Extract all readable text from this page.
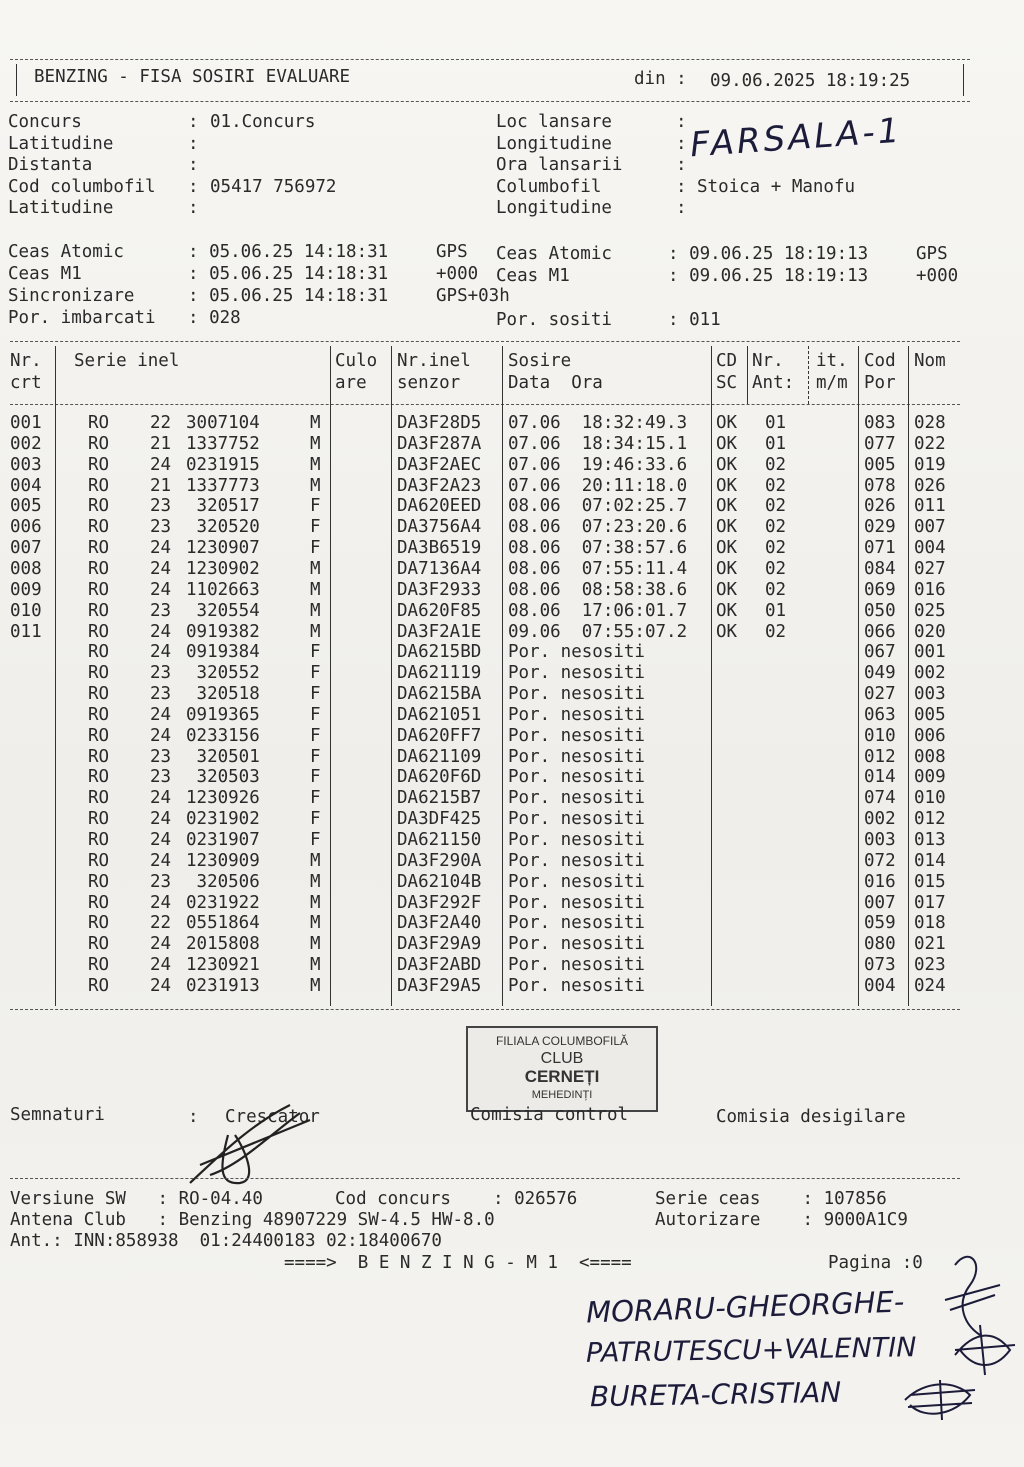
BENZING - FISA SOSIRI EVALUARE	din : 09.06.2025 18:19:25
Concurs	: 01.Concurs
Latitudine	:
Distanta	:
Cod columbofil : 05417 756972
Latitudine	:
Loc lansare	:
Longitudine	:
Ora lansarii	:
Columbofil	: Stoica + Manofu
Longitudine	:
FARSALA-1
Ceas Atomic	: 05.06.25 14:18:31	GPS
Ceas M1	: 05.06.25 14:18:31	+000
Sincronizare	: 05.06.25 14:18:31	GPS+03h
Por. imbarcati : 028
Ceas Atomic	: 09.06.25 18:19:13	GPS
Ceas M1	: 09.06.25 18:19:13	+000
Por. sositi	: 011
Nr. Serie inel	Culo Nr.inel Sosire	CD Nr. it. Cod Nom
crt	are senzor	Data  Ora	SC Ant: m/m Por
001	RO 22 3007104	M	DA3F28D5 07.06  18:32:49.3 OK 01	083 028
002	RO 21 1337752	M	DA3F287A 07.06  18:34:15.1 OK 01	077 022
003	RO 24 0231915	M	DA3F2AEC 07.06  19:46:33.6 OK 02	005 019
004	RO 21 1337773	M	DA3F2A23 07.06  20:11:18.0 OK 02	078 026
005	RO 23 320517	F	DA620EED 08.06  07:02:25.7 OK 02	026 011
006	RO 23 320520	F	DA3756A4 08.06  07:23:20.6 OK 02	029 007
007	RO 24 1230907	F	DA3B6519 08.06  07:38:57.6 OK 02	071 004
008	RO 24 1230902	M	DA7136A4 08.06  07:55:11.4 OK 02	084 027
009	RO 24 1102663	M	DA3F2933 08.06  08:58:38.6 OK 02	069 016
010	RO 23 320554	M	DA620F85 08.06  17:06:01.7 OK 01	050 025
011	RO 24 0919382	M	DA3F2A1E 09.06  07:55:07.2 OK 02	066 020
RO 24 0919384	F	DA6215BD Por. nesositi	067 001
RO 23 320552	F	DA621119 Por. nesositi	049 002
RO 23 320518	F	DA6215BA Por. nesositi	027 003
RO 24 0919365	F	DA621051 Por. nesositi	063 005
RO 24 0233156	F	DA620FF7 Por. nesositi	010 006
RO 23 320501	F	DA621109 Por. nesositi	012 008
RO 23 320503	F	DA620F6D Por. nesositi	014 009
RO 24 1230926	F	DA6215B7 Por. nesositi	074 010
RO 24 0231902	F	DA3DF425 Por. nesositi	002 012
RO 24 0231907	F	DA621150 Por. nesositi	003 013
RO 24 1230909	M	DA3F290A Por. nesositi	072 014
RO 23 320506	M	DA62104B Por. nesositi	016 015
RO 24 0231922	M	DA3F292F Por. nesositi	007 017
RO 22 0551864	M	DA3F2A40 Por. nesositi	059 018
RO 24 2015808	M	DA3F29A9 Por. nesositi	080 021
RO 24 1230921	M	DA3F2ABD Por. nesositi	073 023
RO 24 0231913	M	DA3F29A5 Por. nesositi	004 024
FILIALA COLUMBOFILĂ
CLUB
CERNEȚI
MEHEDINȚI
Semnaturi	: Crescator	Comisia control	Comisia desigilare
Versiune SW   : RO-04.40	Cod concurs    : 026576	Serie ceas    : 107856
Antena Club   : Benzing 48907229 SW-4.5 HW-8.0	Autorizare    : 9000A1C9
Ant.: INN:858938  01:24400183 02:18400670
====>  B E N Z I N G - M 1  <====	Pagina :0
MORARU-GHEORGHE-
PATRUTESCU+VALENTIN
BURETA-CRISTIAN
